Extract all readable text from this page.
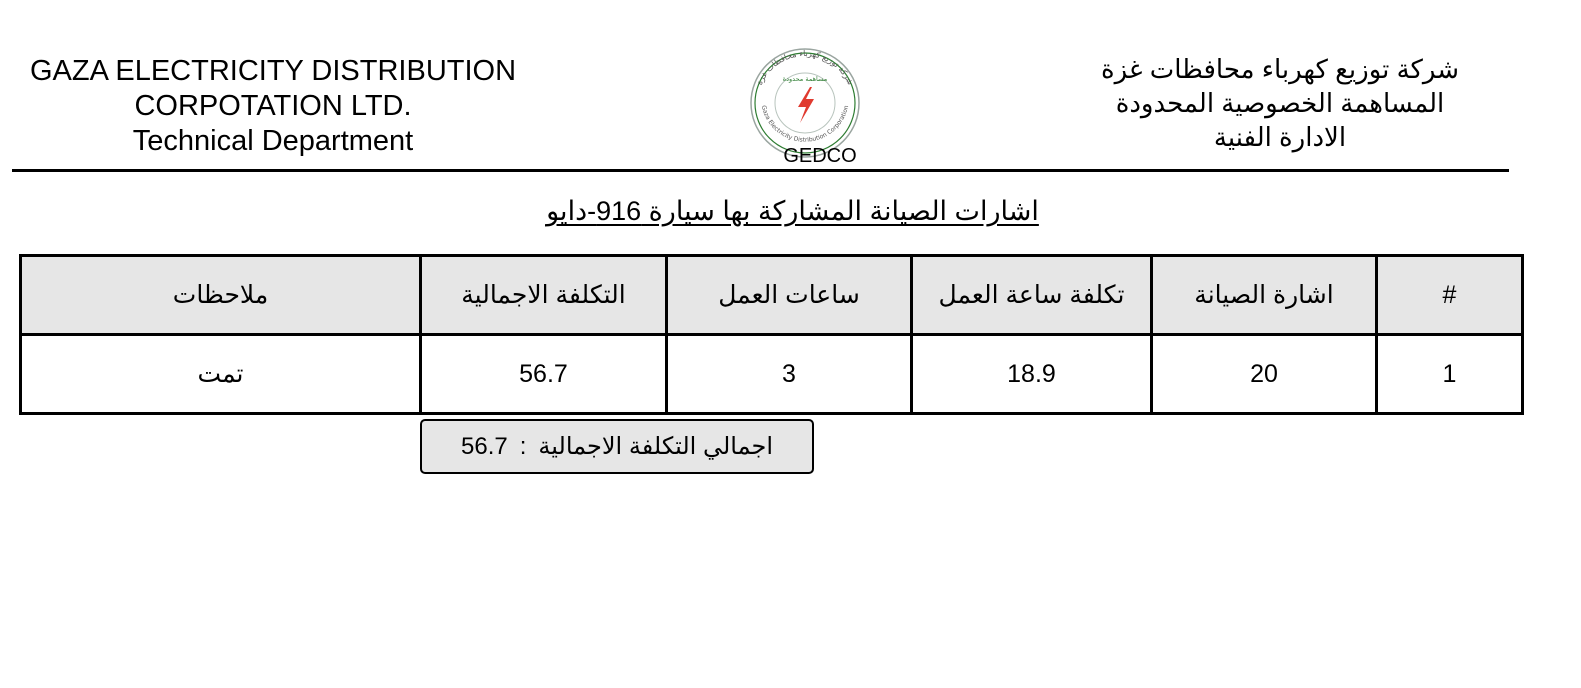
GAZA ELECTRICITY DISTRIBUTION
CORPOTATION LTD.
Technical Department
شركة توزيع كهرباء محافظات غزة
مساهمة محدودة
Gaza Electricity Distribution Corporation
GEDCO
شركة توزيع كهرباء محافظات غزة
المساهمة الخصوصية المحدودة
الادارة الفنية
اشارات الصيانة المشاركة بها سيارة 916-دايو
ملاحظات	التكلفة الاجمالية	ساعات العمل	تكلفة ساعة العمل	اشارة الصيانة	#
تمت	56.7	3	18.9	20	1
اجمالي التكلفة الاجمالية
:
56.7
